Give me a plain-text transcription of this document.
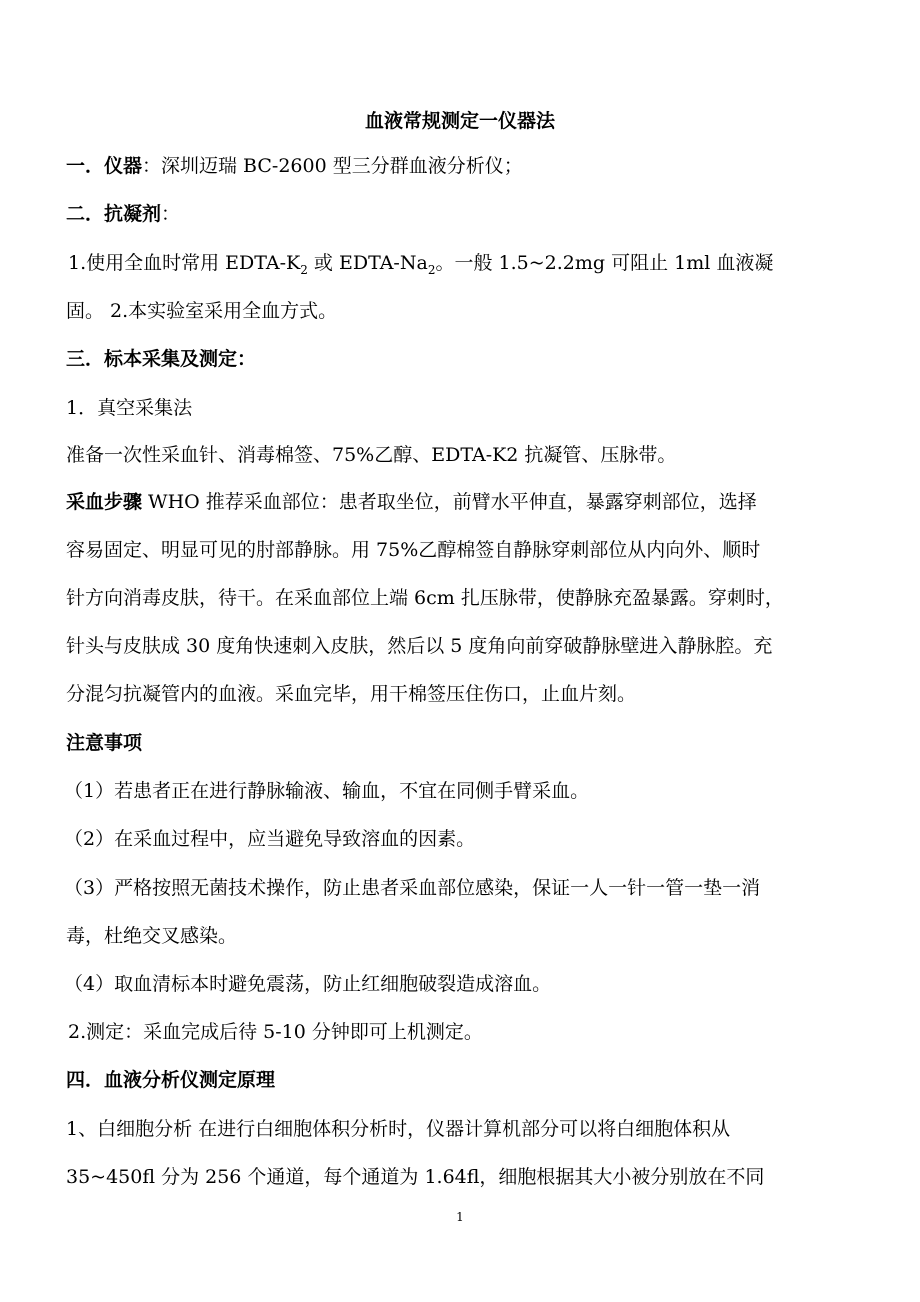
血液常规测定一仪器法
一．仪器：深圳迈瑞 BC-2600 型三分群血液分析仪；
二．抗凝剂：
1.使用全血时常用 EDTA-$K_2$ 或 EDTA-$Na_2$。一般 1.5~2.2mg 可阻止 1ml 血液凝
固。 2.本实验室采用全血方式。
三．标本采集及测定：
1．真空采集法
准备一次性采血针、消毒棉签、75%乙醇、EDTA-K2 抗凝管、压脉带。
采血步骤 WHO 推荐采血部位：患者取坐位，前臂水平伸直，暴露穿刺部位，选择
容易固定、明显可见的肘部静脉。用 75%乙醇棉签自静脉穿刺部位从内向外、顺时
针方向消毒皮肤，待干。在采血部位上端 6cm 扎压脉带，使静脉充盈暴露。穿刺时，
针头与皮肤成 30 度角快速刺入皮肤，然后以 5 度角向前穿破静脉壁进入静脉腔。充
分混匀抗凝管内的血液。采血完毕，用干棉签压住伤口，止血片刻。
注意事项
（1）若患者正在进行静脉输液、输血，不宜在同侧手臂采血。
（2）在采血过程中，应当避免导致溶血的因素。
（3）严格按照无菌技术操作，防止患者采血部位感染，保证一人一针一管一垫一消
毒，杜绝交叉感染。
（4）取血清标本时避免震荡，防止红细胞破裂造成溶血。
2.测定：采血完成后待 5-10 分钟即可上机测定。
四．血液分析仪测定原理
1、白细胞分析 在进行白细胞体积分析时，仪器计算机部分可以将白细胞体积从
35~450fl 分为 256 个通道，每个通道为 1.64fl，细胞根据其大小被分别放在不同
1
